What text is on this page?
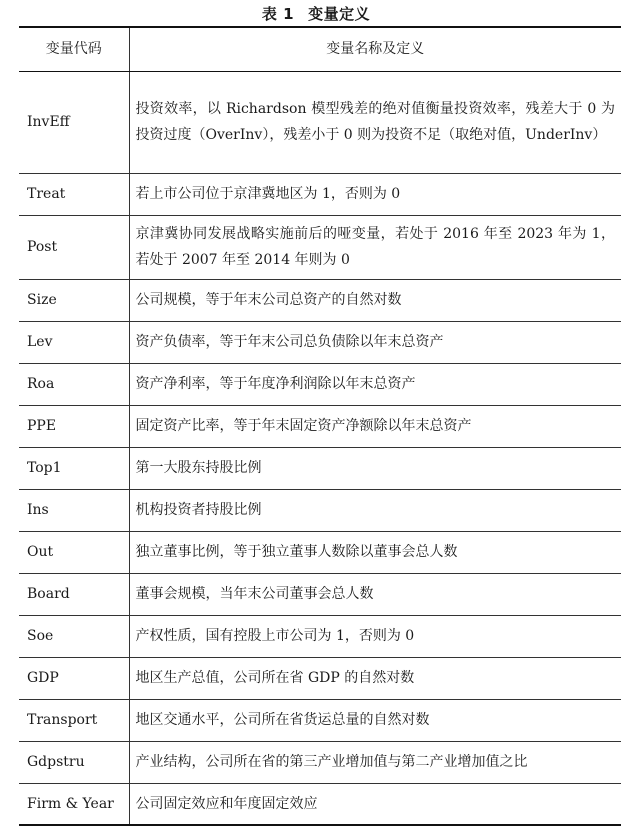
表 1 变量定义
变量代码	变量名称及定义
InvEff	投资效率，以 Richardson 模型残差的绝对值衡量投资效率，残差大于 0 为投资过度（OverInv），残差小于 0 则为投资不足（取绝对值，UnderInv）
Treat	若上市公司位于京津冀地区为 1，否则为 0
Post	京津冀协同发展战略实施前后的哑变量，若处于 2016 年至 2023 年为 1，若处于 2007 年至 2014 年则为 0
Size	公司规模，等于年末公司总资产的自然对数
Lev	资产负债率，等于年末公司总负债除以年末总资产
Roa	资产净利率，等于年度净利润除以年末总资产
PPE	固定资产比率，等于年末固定资产净额除以年末总资产
Top1	第一大股东持股比例
Ins	机构投资者持股比例
Out	独立董事比例，等于独立董事人数除以董事会总人数
Board	董事会规模，当年末公司董事会总人数
Soe	产权性质，国有控股上市公司为 1，否则为 0
GDP	地区生产总值，公司所在省 GDP 的自然对数
Transport	地区交通水平，公司所在省货运总量的自然对数
Gdpstru	产业结构，公司所在省的第三产业增加值与第二产业增加值之比
Firm & Year	公司固定效应和年度固定效应
